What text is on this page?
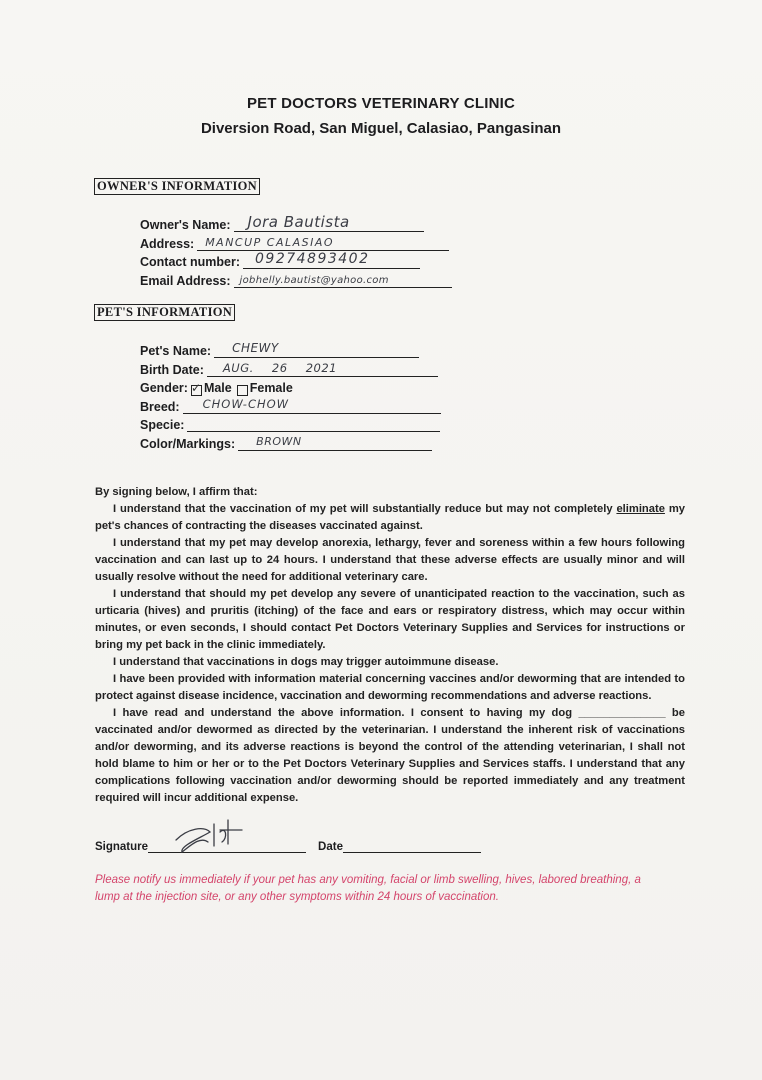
PET DOCTORS VETERINARY CLINIC
Diversion Road, San Miguel, Calasiao, Pangasinan
OWNER'S INFORMATION
Owner's Name: Jora Bautista
Address: MANCUP CALASIAO
Contact number: 09274893402
Email Address: jobhelly.bautist@yahoo.com
PET'S INFORMATION
Pet's Name: CHEWY
Birth Date: AUG. 26 2021
Gender: ✓ Male Female
Breed: CHOW-CHOW
Specie:
Color/Markings: BROWN

By signing below, I affirm that:

I understand that the vaccination of my pet will substantially reduce but may not completely eliminate my pet's chances of contracting the diseases vaccinated against.

I understand that my pet may develop anorexia, lethargy, fever and soreness within a few hours following vaccination and can last up to 24 hours. I understand that these adverse effects are usually minor and will usually resolve without the need for additional veterinary care.

I understand that should my pet develop any severe of unanticipated reaction to the vaccination, such as urticaria (hives) and pruritis (itching) of the face and ears or respiratory distress, which may occur within minutes, or even seconds, I should contact Pet Doctors Veterinary Supplies and Services for instructions or bring my pet back in the clinic immediately.

I understand that vaccinations in dogs may trigger autoimmune disease.

I have been provided with information material concerning vaccines and/or deworming that are intended to protect against disease incidence, vaccination and deworming recommendations and adverse reactions.

I have read and understand the above information. I consent to having my dog ______________ be vaccinated and/or dewormed as directed by the veterinarian. I understand the inherent risk of vaccinations and/or deworming, and its adverse reactions is beyond the control of the attending veterinarian, I shall not hold blame to him or her or to the Pet Doctors Veterinary Supplies and Services staffs. I understand that any complications following vaccination and/or deworming should be reported immediately and any treatment required will incur additional expense.

Signature	Date
Please notify us immediately if your pet has any vomiting, facial or limb swelling, hives, labored breathing, a lump at the injection site, or any other symptoms within 24 hours of vaccination.
